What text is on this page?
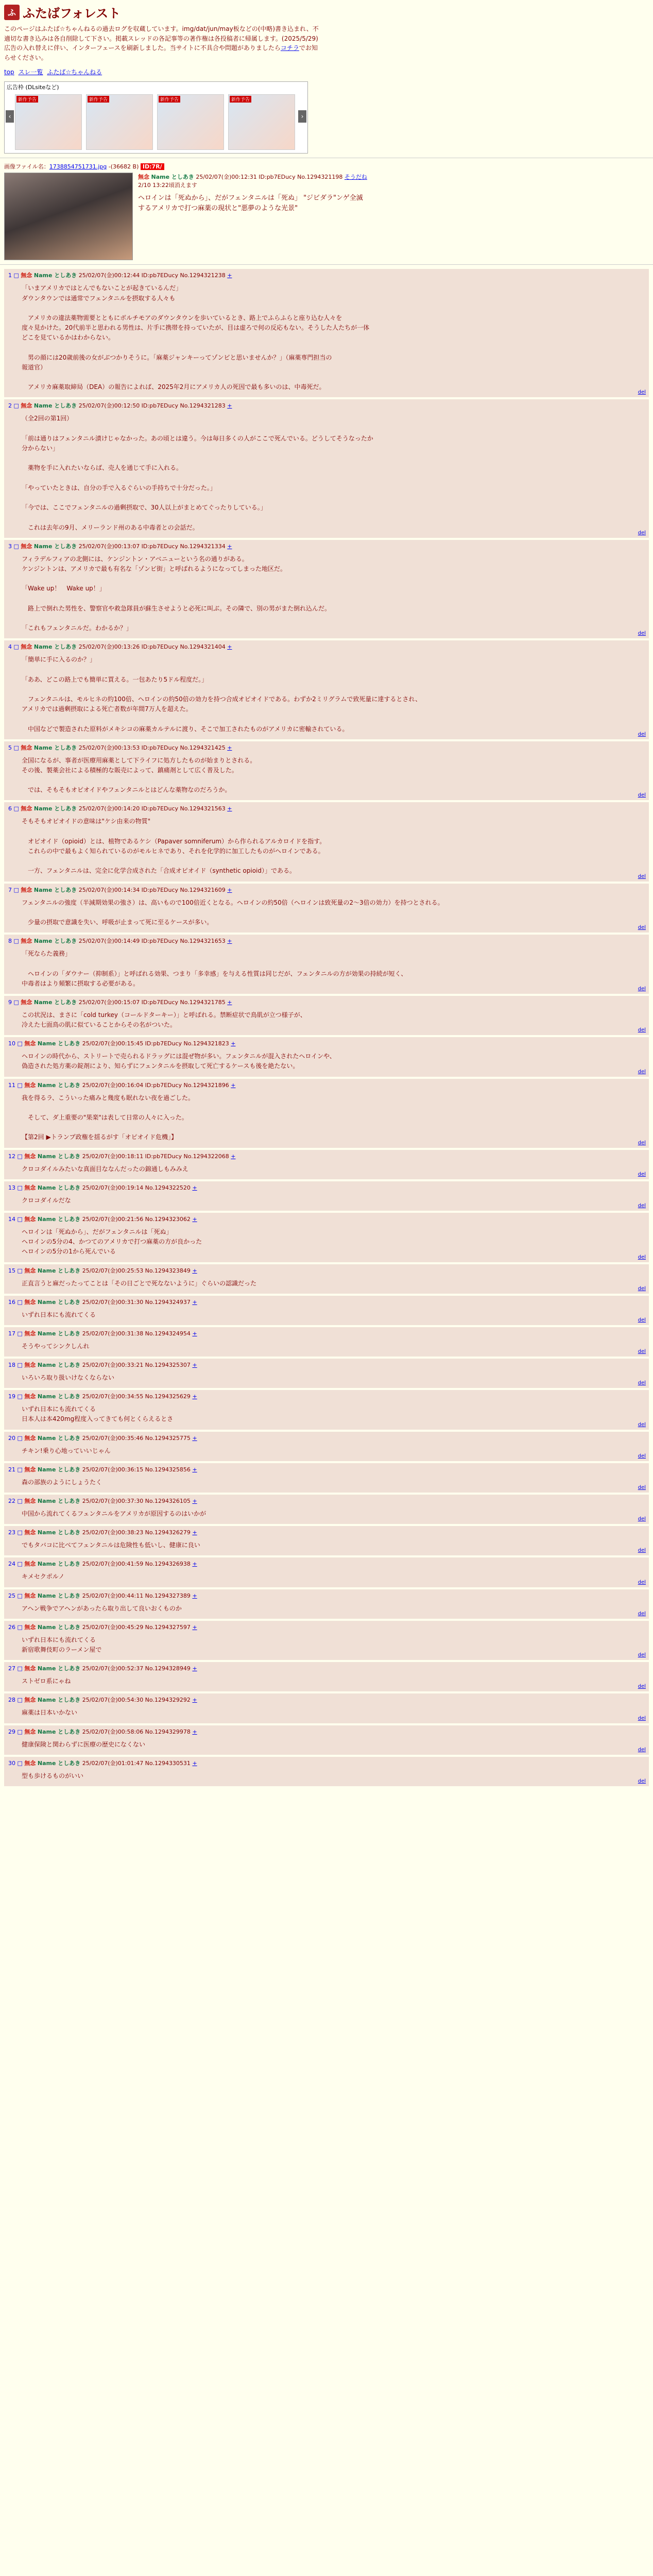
ふ ふたばフォレスト
このページはふたば☆ちゃんねるの過去ログを収蔵しています。img/dat/jun/may板などの(中略)書き込まれ、不適切な書き込みは各自削除して下さい。掲載スレッドの各記事等の著作権は各投稿者に帰属します。(2025/5/29) 広告の入れ替えに伴い、インターフェースを刷新しました。当サイトに不具合や問題がありましたらコチラでお知らせください。
top スレ一覧 ふたば☆ちゃんねる
広告枠 (DLsiteなど)
新作予告	新作予告	新作予告	新作予告
‹	›
画像ファイル名：1738854751731.jpg -(36682 B) ID:7R/
無念 Name としあき 25/02/07(金)00:12:31 ID:pb7EDucy No.1294321198 そうだね
2/10 13:22頃消えます
ヘロインは「死ぬから」、だがフェンタニルは「死ぬ」 "ジビダラ"ンゲ全滅するアメリカで打つ麻薬の現状と"悪夢のような光景"
1 □ 無念 Name としあき 25/02/07(金)00:12:44 ID:pb7EDucy No.1294321238 +
「いまアメリカではとんでもないことが起きているんだ」
ダウンタウンでは通常でフェンタニルを摂取する人々も

　アメリカの違法薬物需要とともにボルチモアのダウンタウンを歩いているとき、路上でふらふらと座り込む人々を
度々見かけた。20代前半と思われる男性は、片手に携帯を持っていたが、目は虚ろで何の反応もない。そうした人たちが一体
どこを見ているかはわからない。

　男の顔には20歳前後の女がぶつかりそうに。「麻薬ジャンキーってゾンビと思いませんか？」（麻薬専門担当の
報道官）

　アメリカ麻薬取締局（DEA）の報告によれば、2025年2月にアメリカ人の死因で最も多いのは、中毒死だ。
del
2 □ 無念 Name としあき 25/02/07(金)00:12:50 ID:pb7EDucy No.1294321283 +
（全2回の第1回）

「前は通りはフェンタニル漬けじゃなかった。あの頃とは違う。今は毎日多くの人がここで死んでいる。どうしてそうなったか
分からない」

　薬物を手に入れたいならば、売人を通じて手に入れる。

「やっていたときは、自分の手で入るぐらいの手持ちで十分だった。」

「今では、ここでフェンタニルの過剰摂取で、30人以上がまとめてぐったりしている。」

　これは去年の9月、メリーランド州のある中毒者との会話だ。
del
3 □ 無念 Name としあき 25/02/07(金)00:13:07 ID:pb7EDucy No.1294321334 +
フィラデルフィアの北側には、ケンジントン・アベニューという名の通りがある。
ケンジントンは、アメリカで最も有名な「ゾンビ街」と呼ばれるようになってしまった地区だ。

「Wake up！　Wake up！」

　路上で倒れた男性を、警察官や救急隊員が蘇生させようと必死に叫ぶ。その隣で、別の男がまた倒れ込んだ。

「これもフェンタニルだ。わかるか？」
del
4 □ 無念 Name としあき 25/02/07(金)00:13:26 ID:pb7EDucy No.1294321404 +
「簡単に手に入るのか？」

「ああ、どこの路上でも簡単に買える。一包あたり5ドル程度だ。」

　フェンタニルは、モルヒネの約100倍、ヘロインの約50倍の効力を持つ合成オピオイドである。わずか2ミリグラムで致死量に達するとされ、
アメリカでは過剰摂取による死亡者数が年間7万人を超えた。

　中国などで製造された原料がメキシコの麻薬カルテルに渡り、そこで加工されたものがアメリカに密輸されている。
del
5 □ 無念 Name としあき 25/02/07(金)00:13:53 ID:pb7EDucy No.1294321425 +
全国になるが、事者が医療用麻薬として下ライフに処方したものが始まりとされる。
その後、製薬会社による積極的な販売によって、鎮痛剤として広く普及した。

　では、そもそもオピオイドやフェンタニルとはどんな薬物なのだろうか。
del
6 □ 無念 Name としあき 25/02/07(金)00:14:20 ID:pb7EDucy No.1294321563 +
そもそもオピオイドの意味は"ケシ由来の物質"

　オピオイド（opioid）とは、植物であるケシ（Papaver somniferum）から作られるアルカロイドを指す。
　これらの中で最もよく知られているのがモルヒネであり、それを化学的に加工したものがヘロインである。

　一方、フェンタニルは、完全に化学合成された「合成オピオイド（synthetic opioid）」である。
del
7 □ 無念 Name としあき 25/02/07(金)00:14:34 ID:pb7EDucy No.1294321609 +
フェンタニルの強度（半減期効果の強さ）は、高いもので100倍近くとなる。ヘロインの約50倍（ヘロインは致死量の2〜3倍の効力）を持つとされる。

　少量の摂取で意識を失い、呼吸が止まって死に至るケースが多い。
del
8 □ 無念 Name としあき 25/02/07(金)00:14:49 ID:pb7EDucy No.1294321653 +
「死ならた義務」

　ヘロインの「ダウナー（抑制系）」と呼ばれる効果、つまり「多幸感」を与える性質は同じだが、フェンタニルの方が効果の持続が短く、
中毒者はより頻繁に摂取する必要がある。
del
9 □ 無念 Name としあき 25/02/07(金)00:15:07 ID:pb7EDucy No.1294321785 +
この状況は、まさに「cold turkey（コールドターキー）」と呼ばれる。禁断症状で鳥肌が立つ様子が、
冷えた七面鳥の肌に似ていることからその名がついた。
del
10 □ 無念 Name としあき 25/02/07(金)00:15:45 ID:pb7EDucy No.1294321823 +
ヘロインの時代から、ストリートで売られるドラッグには混ぜ物が多い。フェンタニルが混入されたヘロインや、
偽造された処方薬の錠剤により、知らずにフェンタニルを摂取して死亡するケースも後を絶たない。
del
11 □ 無念 Name としあき 25/02/07(金)00:16:04 ID:pb7EDucy No.1294321896 +
我を得るラ、こういった痛みと幾度も眠れない夜を過ごした。

　そして、ダ上重要の"果楽"は表して日常の人々に入った。

【第2回 ▶トランプ政権を揺るがす「オピオイド危機」】
del
12 □ 無念 Name としあき 25/02/07(金)00:18:11 ID:pb7EDucy No.1294322068 +
クロコダイルみたいな真面目ななんだったの錦通しもみみえ
del
13 □ 無念 Name としあき 25/02/07(金)00:19:14 No.1294322520 +
クロコダイルだな
del
14 □ 無念 Name としあき 25/02/07(金)00:21:56 No.1294323062 +
ヘロインは「死ぬから」、だがフェンタニルは「死ぬ」
ヘロインの5分の4、かつてのアメリカで打つ麻薬の方が良かった
ヘロインの5分の1から死んでいる
del
15 □ 無念 Name としあき 25/02/07(金)00:25:53 No.1294323849 +
正直言うと麻だったってことは「その日ごとで死なないように」ぐらいの認識だった
del
16 □ 無念 Name としあき 25/02/07(金)00:31:30 No.1294324937 +
いずれ日本にも流れてくる
del
17 □ 無念 Name としあき 25/02/07(金)00:31:38 No.1294324954 +
そうやってシンクしんれ
del
18 □ 無念 Name としあき 25/02/07(金)00:33:21 No.1294325307 +
いろいろ取り扱いけなくならない
del
19 □ 無念 Name としあき 25/02/07(金)00:34:55 No.1294325629 +
いずれ日本にも流れてくる
日本人は本420mg程度入ってきても何とくらえるとさ
del
20 □ 無念 Name としあき 25/02/07(金)00:35:46 No.1294325775 +
チキン!乗り心地っていいじゃん
del
21 □ 無念 Name としあき 25/02/07(金)00:36:15 No.1294325856 +
森の部族のようにしょうたく
del
22 □ 無念 Name としあき 25/02/07(金)00:37:30 No.1294326105 +
中国から流れてくるフェンタニルをアメリカが原因するのはいかが
del
23 □ 無念 Name としあき 25/02/07(金)00:38:23 No.1294326279 +
でもタバコに比べてフェンタニルは危険性も低いし、健康に良い
del
24 □ 無念 Name としあき 25/02/07(金)00:41:59 No.1294326938 +
キメセクポルノ
del
25 □ 無念 Name としあき 25/02/07(金)00:44:11 No.1294327389 +
アヘン戦争でアヘンがあったら取り出して良いおくものか
del
26 □ 無念 Name としあき 25/02/07(金)00:45:29 No.1294327597 +
いずれ日本にも流れてくる
新宿歌舞伎町のラーメン屋で
del
27 □ 無念 Name としあき 25/02/07(金)00:52:37 No.1294328949 +
ストゼロ系にゃね
del
28 □ 無念 Name としあき 25/02/07(金)00:54:30 No.1294329292 +
麻薬は日本いかない
del
29 □ 無念 Name としあき 25/02/07(金)00:58:06 No.1294329978 +
健康保険と関わらずに医療の歴史になくない
del
30 □ 無念 Name としあき 25/02/07(金)01:01:47 No.1294330531 +
型も歩けるものがいい
del
